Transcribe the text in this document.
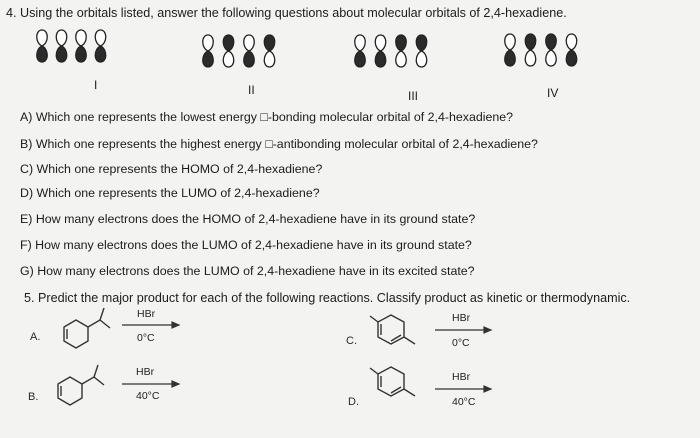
4. Using the orbitals listed, answer the following questions about molecular orbitals of 2,4-hexadiene.
I	II	III	IV
A) Which one represents the lowest energy □-bonding molecular orbital of 2,4-hexadiene?
B) Which one represents the highest energy □-antibonding molecular orbital of 2,4-hexadiene?
C) Which one represents the HOMO of 2,4-hexadiene?
D) Which one represents the LUMO of 2,4-hexadiene?
E) How many electrons does the HOMO of 2,4-hexadiene have in its ground state?
F) How many electrons does the LUMO of 2,4-hexadiene have in its ground state?
G) How many electrons does the LUMO of 2,4-hexadiene have in its excited state?
5. Predict the major product for each of the following reactions. Classify product as kinetic or thermodynamic.
A.
HBr
0°C
B.
HBr
40°C
C.
HBr
0°C
D.
HBr
40°C
